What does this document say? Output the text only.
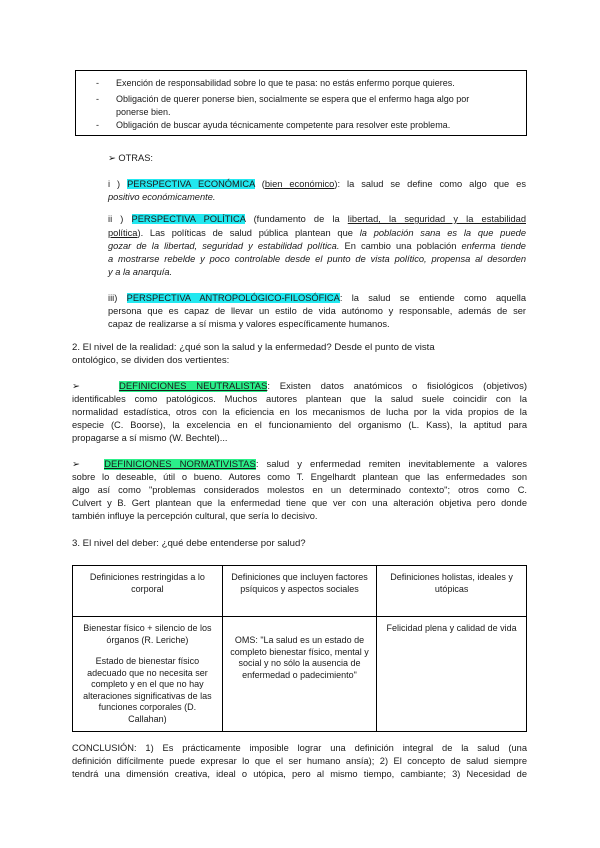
- Exención de responsabilidad sobre lo que te pasa: no estás enfermo porque quieres.
- Obligación de querer ponerse bien, socialmente se espera que el enfermo haga algo por
ponerse bien.
- Obligación de buscar ayuda técnicamente competente para resolver este problema.
➢ OTRAS:
i ) PERSPECTIVA ECONÓMICA (bien económico): la salud se define como algo que es
positivo económicamente.
ii ) PERSPECTIVA POLÍTICA (fundamento de la libertad, la seguridad y la estabilidad
política). Las políticas de salud pública plantean que la población sana es la que puede
gozar de la libertad, seguridad y estabilidad política. En cambio una población enferma tiende
a mostrarse rebelde y poco controlable desde el punto de vista político, propensa al desorden
y a la anarquía.
iii) PERSPECTIVA ANTROPOLÓGICO-FILOSÓFICA: la salud se entiende como aquella
persona que es capaz de llevar un estilo de vida autónomo y responsable, además de ser
capaz de realizarse a sí misma y valores específicamente humanos.
2. El nivel de la realidad: ¿qué son la salud y la enfermedad? Desde el punto de vista
ontológico, se dividen dos vertientes:
➢	DEFINICIONES NEUTRALISTAS: Existen datos anatómicos o fisiológicos (objetivos)
identificables como patológicos. Muchos autores plantean que la salud suele coincidir con la
normalidad estadística, otros con la eficiencia en los mecanismos de lucha por la vida propios de la
especie (C. Boorse), la excelencia en el funcionamiento del organismo (L. Kass), la aptitud para
propagarse a sí mismo (W. Bechtel)...
➢	DEFINICIONES NORMATIVISTAS: salud y enfermedad remiten inevitablemente a valores
sobre lo deseable, útil o bueno. Autores como T. Engelhardt plantean que las enfermedades son
algo así como "problemas considerados molestos en un determinado contexto"; otros como C.
Culvert y B. Gert plantean que la enfermedad tiene que ver con una alteración objetiva pero donde
también influye la percepción cultural, que sería lo decisivo.
3. El nivel del deber: ¿qué debe entenderse por salud?
Definiciones restringidas a lo corporal	Definiciones que incluyen factores psíquicos y aspectos sociales	Definiciones holistas, ideales y utópicas

Bienestar físico + silencio de los órganos (R. Leriche)
Estado de bienestar físico adecuado que no necesita ser completo y en el que no hay alteraciones significativas de las funciones corporales (D. Callahan)	OMS: "La salud es un estado de completo bienestar físico, mental y social y no sólo la ausencia de enfermedad o padecimiento"	Felicidad plena y calidad de vida
CONCLUSIÓN: 1) Es prácticamente imposible lograr una definición integral de la salud (una
definición difícilmente puede expresar lo que el ser humano ansía); 2) El concepto de salud siempre
tendrá una dimensión creativa, ideal o utópica, pero al mismo tiempo, cambiante; 3) Necesidad de
